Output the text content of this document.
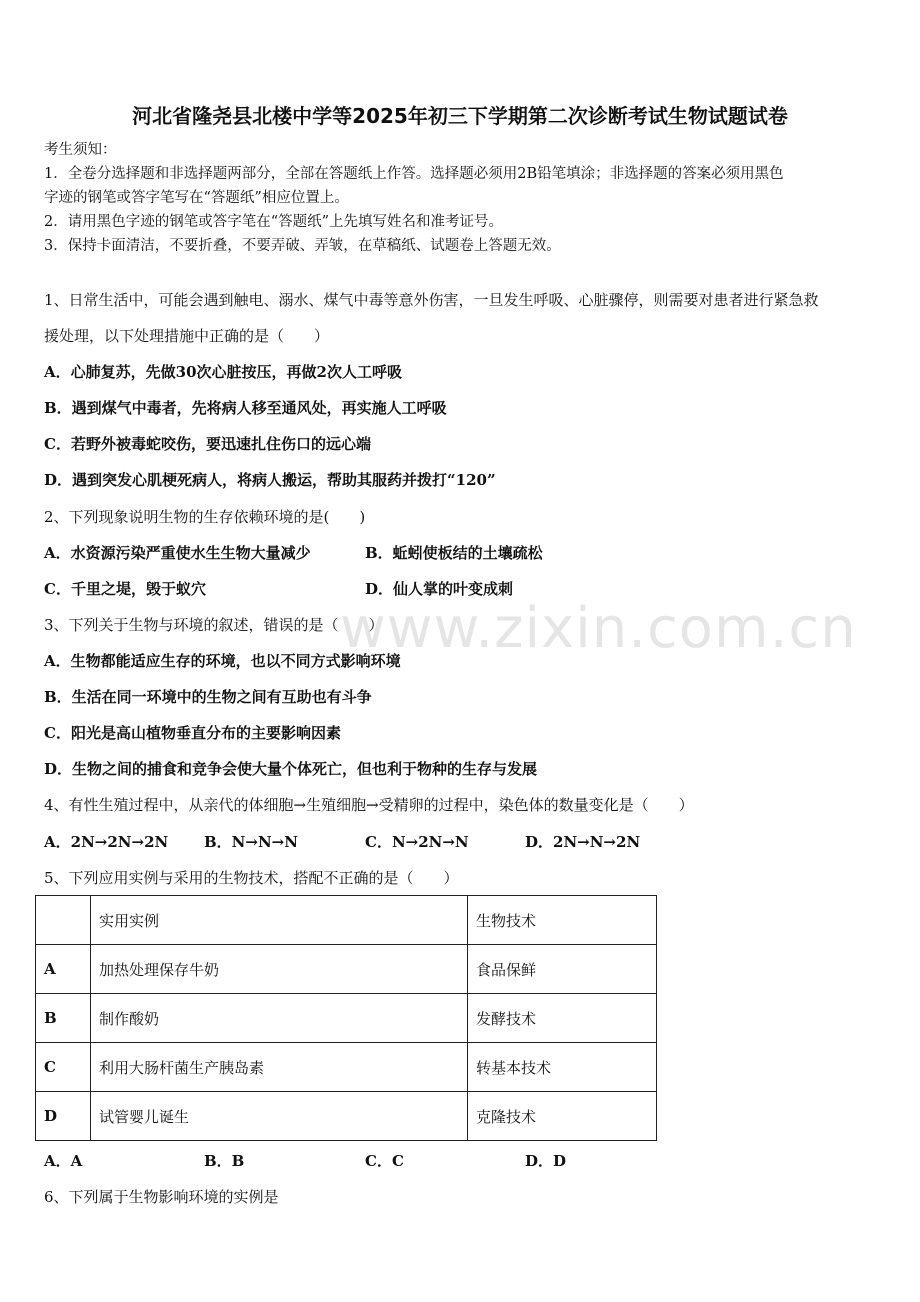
www.zixin.com.cn
河北省隆尧县北楼中学等2025年初三下学期第二次诊断考试生物试题试卷
考生须知：
1．全卷分选择题和非选择题两部分，全部在答题纸上作答。选择题必须用2B铅笔填涂；非选择题的答案必须用黑色
字迹的钢笔或答字笔写在“答题纸”相应位置上。
2．请用黑色字迹的钢笔或答字笔在“答题纸”上先填写姓名和准考证号。
3．保持卡面清洁，不要折叠，不要弄破、弄皱，在草稿纸、试题卷上答题无效。
1、日常生活中，可能会遇到触电、溺水、煤气中毒等意外伤害，一旦发生呼吸、心脏骤停，则需要对患者进行紧急救
援处理，以下处理措施中正确的是（　　）
A．心肺复苏，先做30次心脏按压，再做2次人工呼吸
B．遇到煤气中毒者，先将病人移至通风处，再实施人工呼吸
C．若野外被毒蛇咬伤，要迅速扎住伤口的远心端
D．遇到突发心肌梗死病人，将病人搬运，帮助其服药并拨打“120”
2、下列现象说明生物的生存依赖环境的是(　　)
A．水资源污染严重使水生生物大量减少	B．蚯蚓使板结的土壤疏松
C．千里之堤，毁于蚁穴	D．仙人掌的叶变成刺
3、下列关于生物与环境的叙述，错误的是（　　）
A．生物都能适应生存的环境，也以不同方式影响环境
B．生活在同一环境中的生物之间有互助也有斗争
C．阳光是高山植物垂直分布的主要影响因素
D．生物之间的捕食和竞争会使大量个体死亡，但也利于物种的生存与发展
4、有性生殖过程中，从亲代的体细胞→生殖细胞→受精卵的过程中，染色体的数量变化是（　　）
A．2N→2N→2N B．N→N→N	C．N→2N→N	D．2N→N→2N
5、下列应用实例与采用的生物技术，搭配不正确的是（　　）
	实用实例	生物技术
A	加热处理保存牛奶	食品保鲜
B	制作酸奶	发酵技术
C	利用大肠杆菌生产胰岛素	转基本技术
D	试管婴儿诞生	克隆技术
A．A	B．B	C．C	D．D
6、下列属于生物影响环境的实例是
